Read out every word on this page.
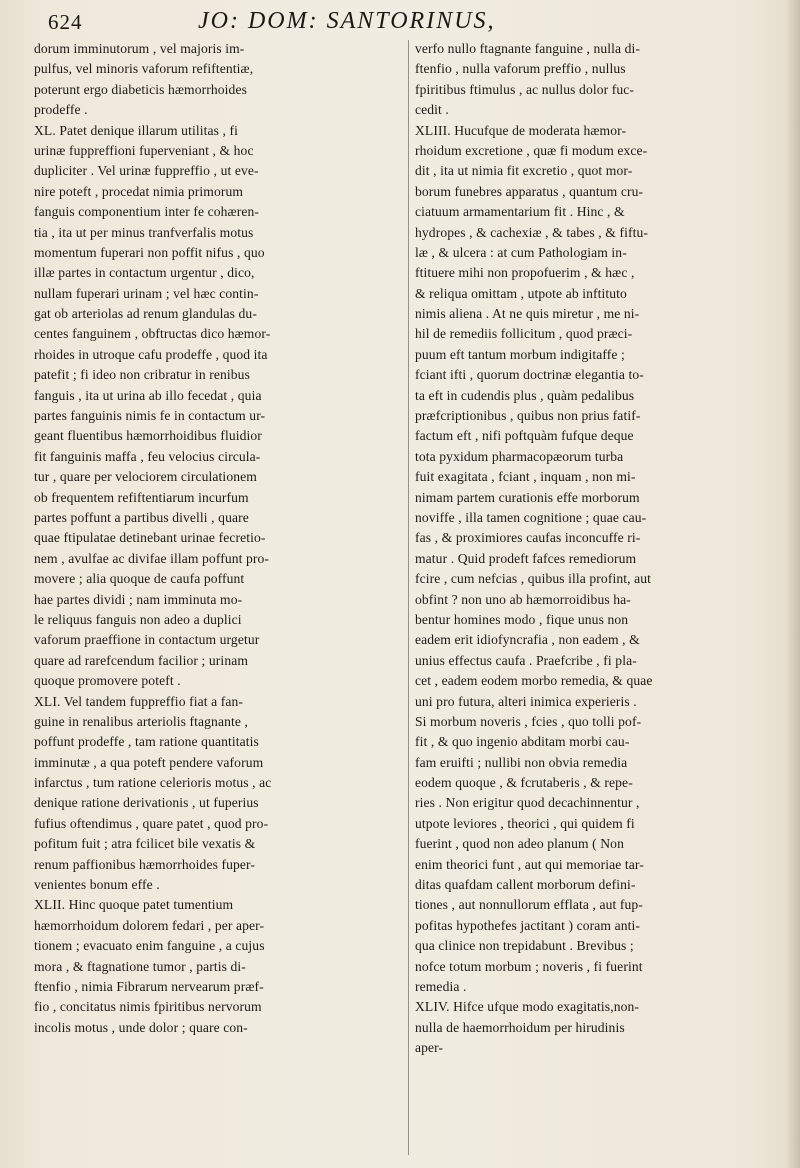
624	JO: DOM: SANTORINUS,
dorum imminutorum , vel majoris im-
pulfus, vel minoris vaforum refiftentiæ,
poterunt ergo diabeticis hæmorrhoides
prodeffe .
XL. Patet denique illarum utilitas , fi
urinæ fuppreffioni fuperveniant , & hoc
dupliciter . Vel urinæ fuppreffio , ut eve-
nire poteft , procedat nimia primorum
fanguis componentium inter fe cohæren-
tia , ita ut per minus tranfverfalis motus
momentum fuperari non poffit nifus , quo
illæ partes in contactum urgentur , dico,
nullam fuperari urinam ; vel hæc contin-
gat ob arteriolas ad renum glandulas du-
centes fanguinem , obftructas dico hæmor-
rhoides in utroque cafu prodeffe , quod ita
patefit ; fi ideo non cribratur in renibus
fanguis , ita ut urina ab illo fecedat , quia
partes fanguinis nimis fe in contactum ur-
geant fluentibus hæmorrhoidibus fluidior
fit fanguinis maffa , feu velocius circula-
tur , quare per velociorem circulationem
ob frequentem refiftentiarum incurfum
partes poffunt a partibus divelli , quare
quae ftipulatae detinebant urinae fecretio-
nem , avulfae ac divifae illam poffunt pro-
movere ; alia quoque de caufa poffunt
hae partes dividi ; nam imminuta mo-
le reliquus fanguis non adeo a duplici
vaforum praeffione in contactum urgetur
quare ad rarefcendum facilior ; urinam
quoque promovere poteft .
XLI. Vel tandem fuppreffio fiat a fan-
guine in renalibus arteriolis ftagnante ,
poffunt prodeffe , tam ratione quantitatis
imminutæ , a qua poteft pendere vaforum
infarctus , tum ratione celerioris motus , ac
denique ratione derivationis , ut fuperius
fufius oftendimus , quare patet , quod pro-
pofitum fuit ; atra fcilicet bile vexatis &
renum paffionibus hæmorrhoides fuper-
venientes bonum effe .
XLII. Hinc quoque patet tumentium
hæmorrhoidum dolorem fedari , per aper-
tionem ; evacuato enim fanguine , a cujus
mora , & ftagnatione tumor , partis di-
ftenfio , nimia Fibrarum nervearum præf-
fio , concitatus nimis fpiritibus nervorum
incolis motus , unde dolor ; quare con-
verfo nullo ftagnante fanguine , nulla di-
ftenfio , nulla vaforum preffio , nullus
fpiritibus ftimulus , ac nullus dolor fuc-
cedit .
XLIII. Hucufque de moderata hæmor-
rhoidum excretione , quæ fi modum exce-
dit , ita ut nimia fit excretio , quot mor-
borum funebres apparatus , quantum cru-
ciatuum armamentarium fit . Hinc , &
hydropes , & cachexiæ , & tabes , & fiftu-
læ , & ulcera : at cum Pathologiam in-
ftituere mihi non propofuerim , & hæc ,
& reliqua omittam , utpote ab inftituto
nimis aliena . At ne quis miretur , me ni-
hil de remediis follicitum , quod præci-
puum eft tantum morbum indigitaffe ;
fciant ifti , quorum doctrinæ elegantia to-
ta eft in cudendis plus , quàm pedalibus
præfcriptionibus , quibus non prius fatif-
factum eft , nifi poftquàm fufque deque
tota pyxidum pharmacopæorum turba
fuit exagitata , fciant , inquam , non mi-
nimam partem curationis effe morborum
noviffe , illa tamen cognitione ; quae cau-
fas , & proximiores caufas inconcuffe ri-
matur . Quid prodeft fafces remediorum
fcire , cum nefcias , quibus illa profint, aut
obfint ? non uno ab hæmorroidibus ha-
bentur homines modo , fique unus non
eadem erit idiofyncrafia , non eadem , &
unius effectus caufa . Praefcribe , fi pla-
cet , eadem eodem morbo remedia, & quae
uni pro futura, alteri inimica experieris .
Si morbum noveris , fcies , quo tolli pof-
fit , & quo ingenio abditam morbi cau-
fam eruifti ; nullibi non obvia remedia
eodem quoque , & fcrutaberis , & repe-
ries . Non erigitur quod decachinnentur ,
utpote leviores , theorici , qui quidem fi
fuerint , quod non adeo planum ( Non
enim theorici funt , aut qui memoriae tar-
ditas quafdam callent morborum defini-
tiones , aut nonnullorum efflata , aut fup-
pofitas hypothefes jactitant ) coram anti-
qua clinice non trepidabunt . Brevibus ;
nofce totum morbum ; noveris , fi fuerint
remedia .
XLIV. Hifce ufque modo exagitatis,non-
nulla de haemorrhoidum per hirudinis
aper-
